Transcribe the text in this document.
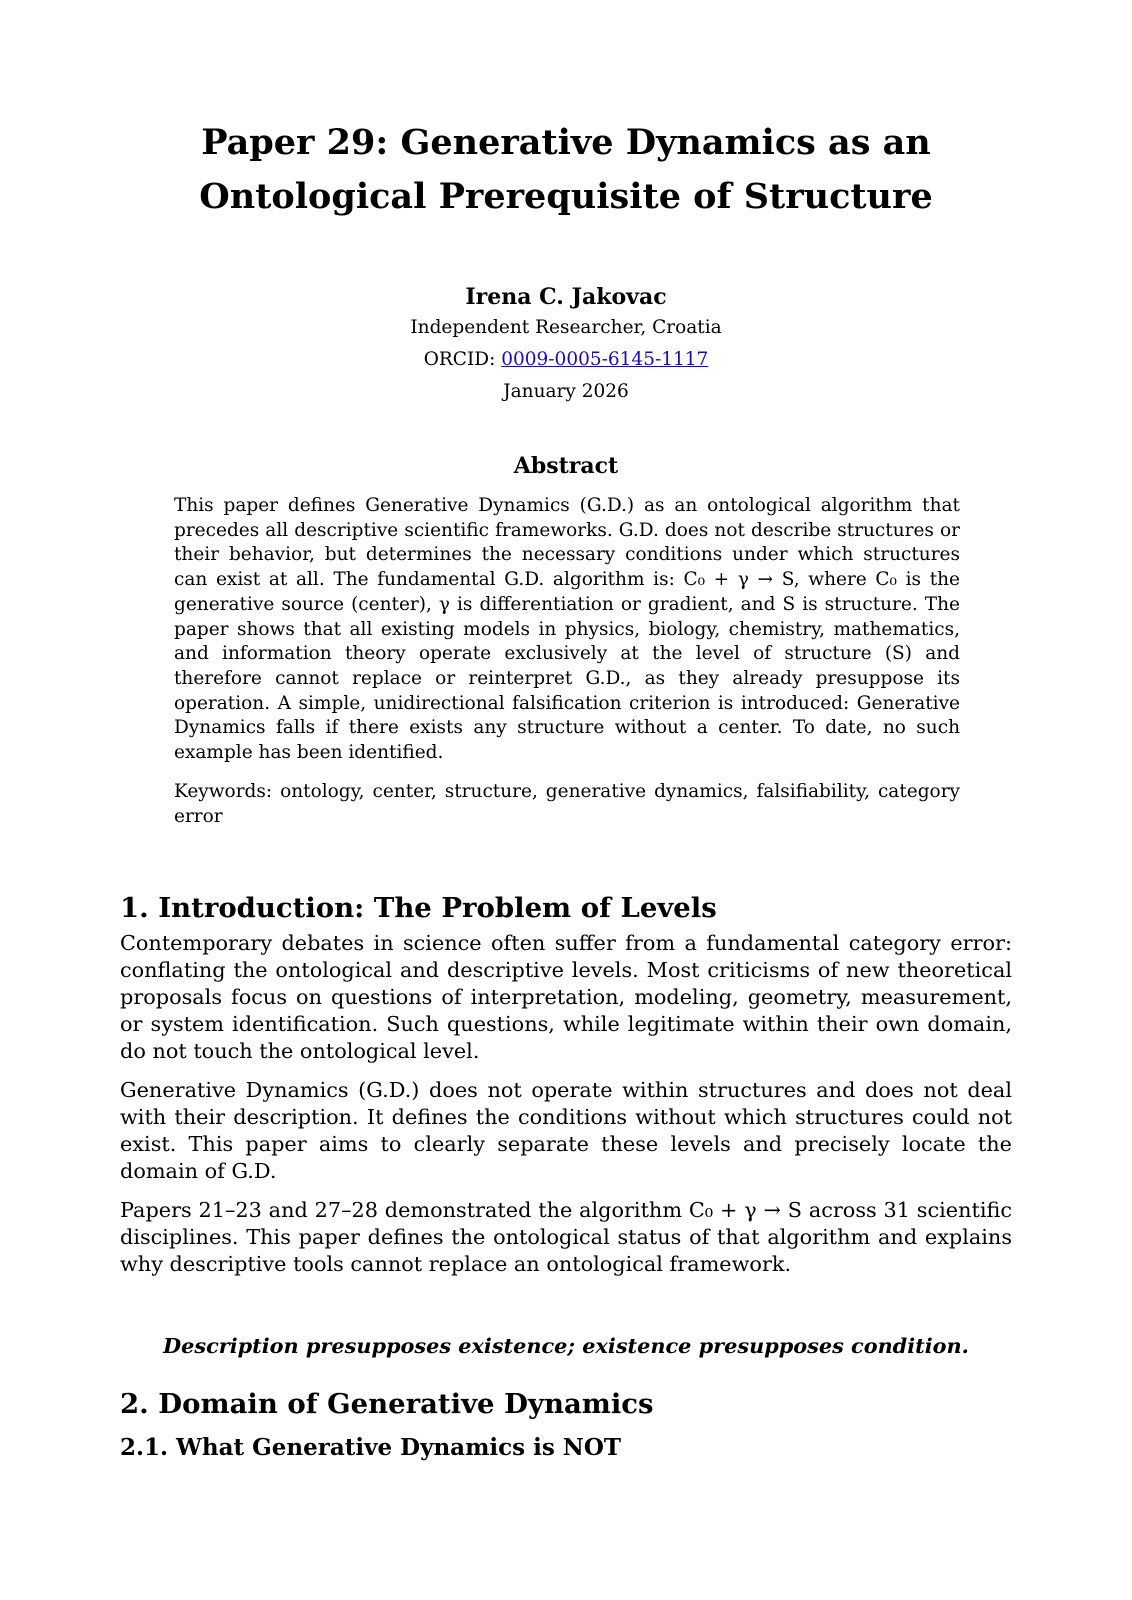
Paper 29: Generative Dynamics as an Ontological Prerequisite of Structure

Irena C. Jakovac

Independent Researcher, Croatia

ORCID: 0009-0005-6145-1117

January 2026

Abstract

This paper defines Generative Dynamics (G.D.) as an ontological algorithm that precedes all descriptive scientific frameworks. G.D. does not describe structures or their behavior, but determines the necessary conditions under which structures can exist at all. The fundamental G.D. algorithm is: C₀ + γ → S, where C₀ is the generative source (center), γ is differentiation or gradient, and S is structure. The paper shows that all existing models in physics, biology, chemistry, mathematics, and information theory operate exclusively at the level of structure (S) and therefore cannot replace or reinterpret G.D., as they already presuppose its operation. A simple, unidirectional falsification criterion is introduced: Generative Dynamics falls if there exists any structure without a center. To date, no such example has been identified.

Keywords: ontology, center, structure, generative dynamics, falsifiability, category error

1. Introduction: The Problem of Levels

Contemporary debates in science often suffer from a fundamental category error: conflating the ontological and descriptive levels. Most criticisms of new theoretical proposals focus on questions of interpretation, modeling, geometry, measurement, or system identification. Such questions, while legitimate within their own domain, do not touch the ontological level.

Generative Dynamics (G.D.) does not operate within structures and does not deal with their description. It defines the conditions without which structures could not exist. This paper aims to clearly separate these levels and precisely locate the domain of G.D.

Papers 21–23 and 27–28 demonstrated the algorithm C₀ + γ → S across 31 scientific disciplines. This paper defines the ontological status of that algorithm and explains why descriptive tools cannot replace an ontological framework.

Description presupposes existence; existence presupposes condition.

2. Domain of Generative Dynamics
2.1. What Generative Dynamics is NOT
